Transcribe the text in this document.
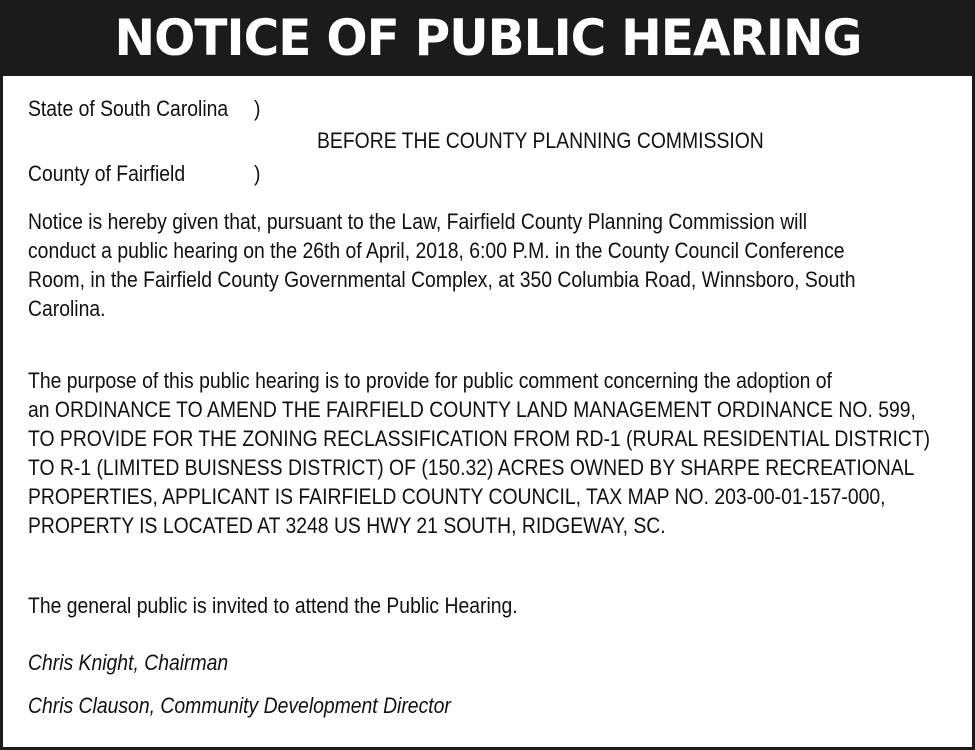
NOTICE OF PUBLIC HEARING
State of South Carolina )
BEFORE THE COUNTY PLANNING COMMISSION
County of Fairfield	)
Notice is hereby given that, pursuant to the Law, Fairfield County Planning Commission will
conduct a public hearing on the 26th of April, 2018, 6:00 P.M. in the County Council Conference
Room, in the Fairfield County Governmental Complex, at 350 Columbia Road, Winnsboro, South
Carolina.
The purpose of this public hearing is to provide for public comment concerning the adoption of
an ORDINANCE TO AMEND THE FAIRFIELD COUNTY LAND MANAGEMENT ORDINANCE NO. 599,
TO PROVIDE FOR THE ZONING RECLASSIFICATION FROM RD-1 (RURAL RESIDENTIAL DISTRICT)
TO R-1 (LIMITED BUISNESS DISTRICT) OF (150.32) ACRES OWNED BY SHARPE RECREATIONAL
PROPERTIES, APPLICANT IS FAIRFIELD COUNTY COUNCIL, TAX MAP NO. 203-00-01-157-000,
PROPERTY IS LOCATED AT 3248 US HWY 21 SOUTH, RIDGEWAY, SC.
The general public is invited to attend the Public Hearing.
Chris Knight, Chairman
Chris Clauson, Community Development Director
